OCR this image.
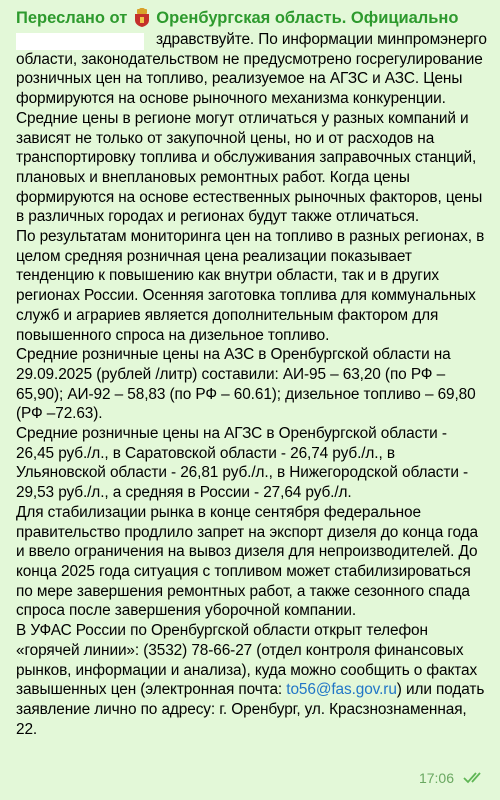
Переслано от Оренбургская область. Официально

здравствуйте. По информации минпромэнерго области, законодательством не предусмотрено госрегулирование розничных цен на топливо, реализуемое на АГЗС и АЗС. Цены формируются на основе рыночного механизма конкуренции. Средние цены в регионе могут отличаться у разных компаний и зависят не только от закупочной цены, но и от расходов на транспортировку топлива и обслуживания заправочных станций, плановых и внеплановых ремонтных работ. Когда цены формируются на основе естественных рыночных факторов, цены в различных городах и регионах будут также отличаться.

По результатам мониторинга цен на топливо в разных регионах, в целом средняя розничная цена реализации показывает тенденцию к повышению как внутри области, так и в других регионах России. Осенняя заготовка топлива для коммунальных служб и аграриев является дополнительным фактором для повышенного спроса на дизельное топливо.

Средние розничные цены на АЗС в Оренбургской области на 29.09.2025 (рублей /литр) составили: АИ-95 – 63,20 (по РФ – 65,90); АИ-92 – 58,83 (по РФ – 60.61); дизельное топливо – 69,80 (РФ –72.63).

Средние розничные цены на АГЗС в Оренбургской области - 26,45 руб./л., в Саратовской области - 26,74 руб./л., в Ульяновской области - 26,81 руб./л., в Нижегородской области - 29,53 руб./л., а средняя в России - 27,64 руб./л.

Для стабилизации рынка в конце сентября федеральное правительство продлило запрет на экспорт дизеля до конца года и ввело ограничения на вывоз дизеля для непроизводителей. До конца 2025 года ситуация с топливом может стабилизироваться по мере завершения ремонтных работ, а также сезонного спада спроса после завершения уборочной компании.

В УФАС России по Оренбургской области открыт телефон «горячей линии»: (3532) 78-66-27 (отдел контроля финансовых рынков, информации и анализа), куда можно сообщить о фактах завышенных цен (электронная почта: to56@fas.gov.ru) или подать заявление лично по адресу: г. Оренбург, ул. Красзнознаменная, 22.

17:06
